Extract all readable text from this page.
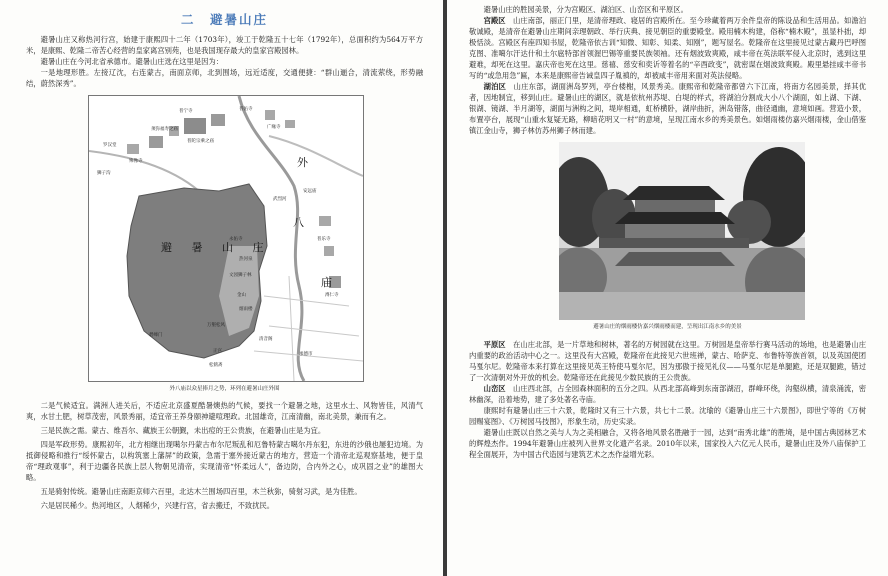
二　避暑山庄

避暑山庄又称热河行宫，始建于康熙四十二年（1703年），竣工于乾隆五十七年（1792年），总面积约为564万平方米，是康熙、乾隆二帝苦心经营的皇家离宫别苑，也是我国现存最大的皇家宫殿园林。

避暑山庄在今河北省承德市。避暑山庄选在这里是因为：

一是地理形胜。左接辽沈，右连蒙古，南面京师，北到围场，远近适度，交通便捷：“群山逦合，清流萦绕，形势融结，蔚然深秀”。

避 暑 山 庄
外
八
庙
普宁寺	普佑寺
安远庙
广缘寺
普乐寺
溥仁寺
须弥福寿之庙
普陀宗乘之庙
殊像寺
罗汉堂
狮子沟
武烈河
清音阁
万壑松风
正宫
松鹤斋
承德市
永佑寺
热河泉
文园狮子林
金山
烟雨楼
碧峰门

外八庙以众星捧月之势，环列在避暑山庄外围

二是气候适宜。满洲人进关后，不适应北京盛夏酷暑燠热的气候，要找一个避暑之地，这里水土、风物皆佳，风清气爽，水甘土肥，树草茂密，风景秀丽，适宜帝王养身颐神避喧理政。北国雄奇，江南清幽，南北美景，兼而有之。

三是民族之需。蒙古、维吾尔、藏族王公朝觐，未出痘的王公贵族，在避暑山庄是为宜。

四是军政形势。康熙初年，北方相继出现噶尔丹蒙古布尔尼叛乱和厄鲁特蒙古噶尔丹东犯，东进的沙俄也屡犯边境。为抵御侵略和推行“绥怀蒙古，以构筑塞上藩屏”的政策，急需于塞外接近蒙古的地方，营造一个清帝北巡观察基地，便于皇帝“理政观事”，利于边疆各民族上层人物朝见清帝，实现清帝“怀柔远人”，备边防，合内外之心，成巩固之业”的雄图大略。

五是骑射传统。避暑山庄南距京师六百里，北达木兰围场四百里，木兰秋狝，骑射习武，是为佳胜。

六是居民稀少。热河地区，人烟稀少，兴建行宫，省去搬迁，不致扰民。

避暑山庄的胜园美景，分为宫殿区、湖泊区、山峦区和平原区。

宫殿区　山庄南部，丽正门里，是清帝理政、寝居的宫殿所在。至今珍藏着两万余件皇帝的陈设品和生活用品。如澹泊敬诚殿，是清帝在避暑山庄期间亲理朝政、举行庆典、接见朝臣的重要殿堂。殿用楠木构建，俗称“楠木殿”，虽显朴拙，却极恬淡。宫殿区有座四知书屋，乾隆帝依古训“知微、知彰、知柔、知刚”，题写屋名。乾隆帝在这里接见过蒙古藏丹巴呼图克图、准噶尔汗达什和土尔扈特部首领渥巴锡等重要民族领袖。还有烟波致爽殿，咸丰帝在英法联军侵入北京时，逃到这里避难，却死在这里。嘉庆帝也死在这里。慈禧、慈安和奕䜣等着名的“辛酉政变”，就密谋在烟波致爽殿。殿里悬挂咸丰帝书写的“或急用急”匾，本来是康熙帝告诫皇四子胤禛的，却被咸丰帝用来面对英法侵略。

湖泊区　山庄东部，湖面洲岛罗列，亭台楼榭，风景秀美。康熙帝和乾隆帝都曾六下江南，将南方名园美景，择其优者，因地制宜，移到山庄。避暑山庄的湖区，就是依杭州苏堤、白堤的样式，将湖泊分割成大小八个湖面，如上湖、下湖、银湖、镜湖、半月湖等，湖面与洲构之间，堤岸相通，虹桥横卧，湖岸曲折，洲岛错落，曲径通幽，意境如画。营造小景，布置亭台，展现“山重水复疑无路，柳暗花明又一村”的意境，呈现江南水乡的秀美景色。如烟雨楼仿嘉兴烟雨楼，金山借鉴镇江金山寺，狮子林仿苏州狮子林而建。

避暑山庄的烟雨楼仿嘉兴烟雨楼而建，呈现出江南水乡的美景

平原区　在山庄北部，是一片草地和树林，著名的万树园就在这里。万树园是皇帝举行赛马活动的场地，也是避暑山庄内重要的政治活动中心之一。这里没有大宫殿，乾隆帝在此接见六世班禅，蒙古、哈萨克、布鲁特等族首领，以及英国使团马戛尔尼。乾隆帝本来打算在这里接见英王特使马戛尔尼，因为那傲于接见礼仪——马戛尔尼是单腿跪，还是双腿跪，错过了一次清朝对外开放的机会。乾隆帝还在此接见少数民族的王公贵族。

山峦区　山庄西北部，占全园森林面积的五分之四。从西北部高峰到东南部湖沼，群峰环绕，沟壑纵横，清泉涌流，密林幽深，沿着地势，建了多处著名寺庙。

康熙时有避暑山庄三十六景，乾隆时又有三十六景，共七十二景。沈瑜的《避暑山庄三十六景图》，即世宁等的《万树园赐宴图》、《万树园马技图》，形象生动，历史实录。

避暑山庄既以自然之美与人为之美相融合，又将各地风景名胜融于一园，达到“南秀北雄”的胜境，是中国古典园林艺术的辉煌杰作。1994年避暑山庄被列入世界文化遗产名录。2010年以来，国家投入六亿元人民币，避暑山庄及外八庙保护工程全面展开，为中国古代造园与建筑艺术之杰作益增光彩。
